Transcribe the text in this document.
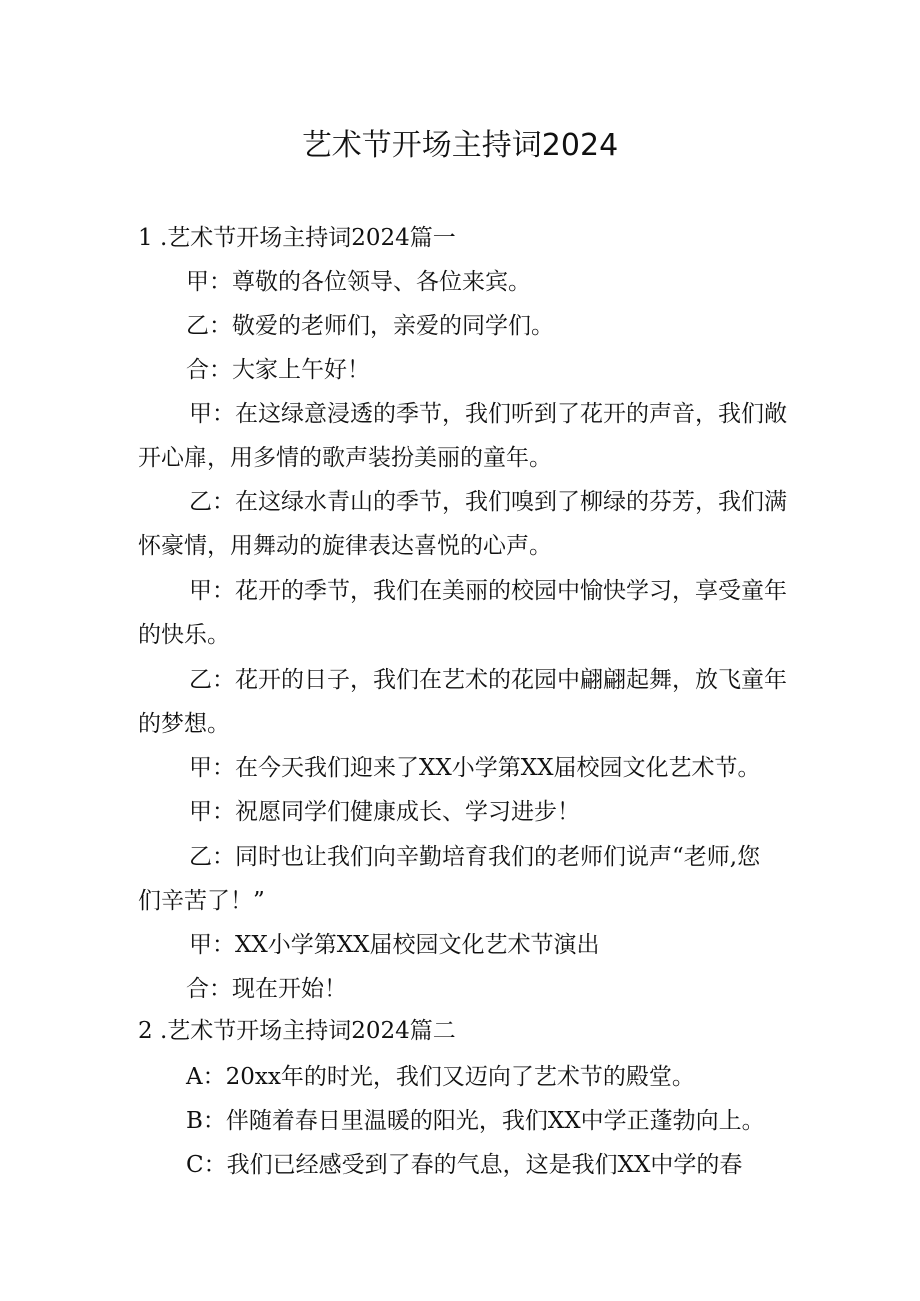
艺术节开场主持词2024
1 .艺术节开场主持词2024篇一
甲：尊敬的各位领导、各位来宾。
乙：敬爱的老师们，亲爱的同学们。
合：大家上午好！
甲：在这绿意浸透的季节，我们听到了花开的声音，我们敞
开心扉，用多情的歌声装扮美丽的童年。
乙：在这绿水青山的季节，我们嗅到了柳绿的芬芳，我们满
怀豪情，用舞动的旋律表达喜悦的心声。
甲：花开的季节，我们在美丽的校园中愉快学习，享受童年
的快乐。
乙：花开的日子，我们在艺术的花园中翩翩起舞，放飞童年
的梦想。
甲：在今天我们迎来了XX小学第XX届校园文化艺术节。
甲：祝愿同学们健康成长、学习进步！
乙：同时也让我们向辛勤培育我们的老师们说声“老师,您
们辛苦了！”
甲：XX小学第XX届校园文化艺术节演出
合：现在开始！
2 .艺术节开场主持词2024篇二
A：20xx年的时光，我们又迈向了艺术节的殿堂。
B：伴随着春日里温暖的阳光，我们XX中学正蓬勃向上。
C：我们已经感受到了春的气息，这是我们XX中学的春
